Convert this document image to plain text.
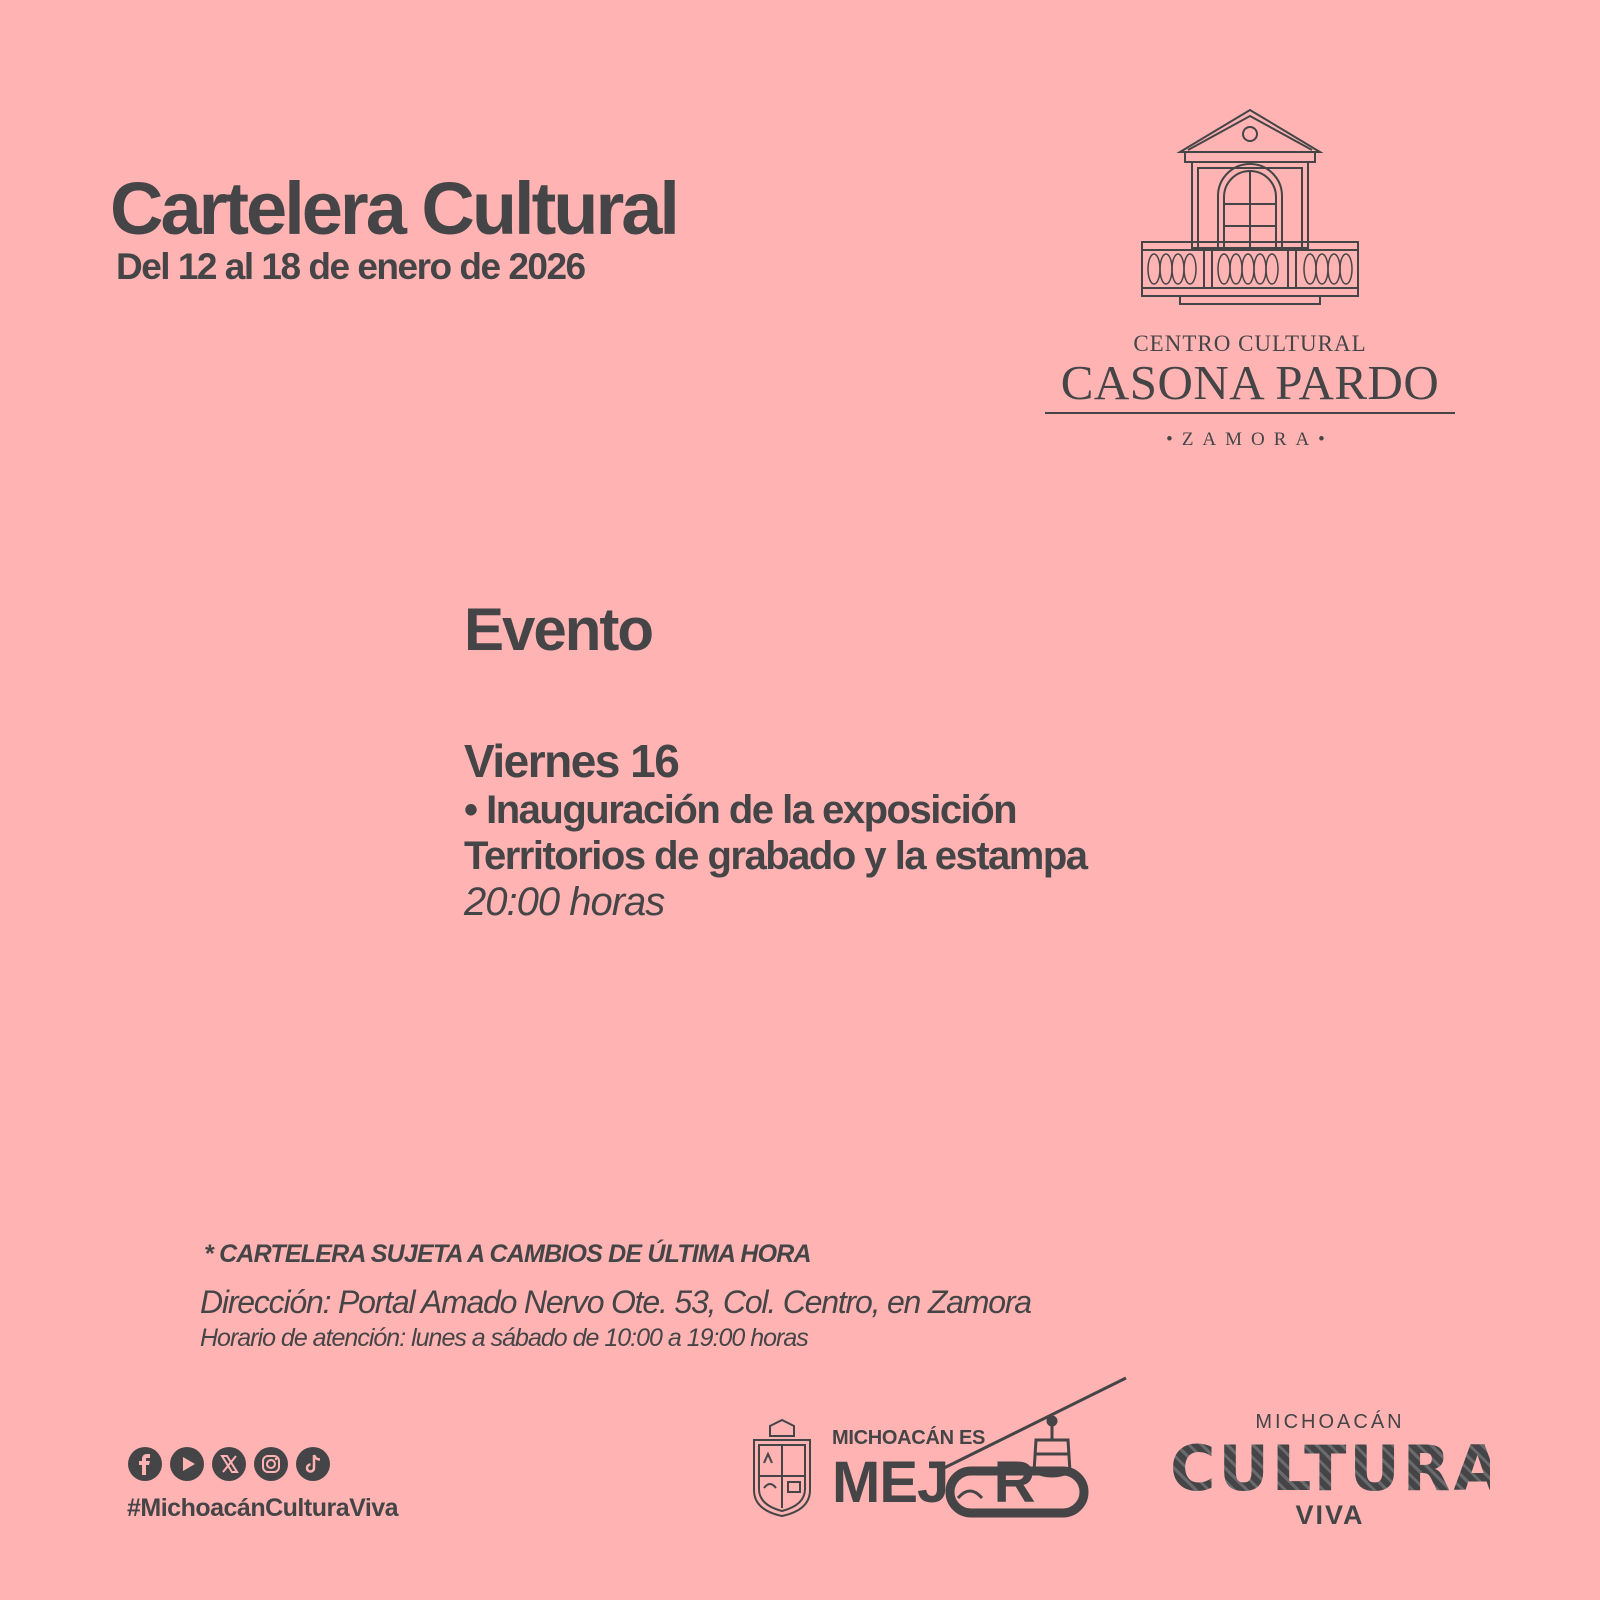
Cartelera Cultural

Del 12 al 18 de enero de 2026

CENTRO CULTURAL
CASONA PARDO
•ZAMORA•
Evento

Viernes 16

• Inauguración de la exposición

Territorios de grabado y la estampa

20:00 horas

* CARTELERA SUJETA A CAMBIOS DE ÚLTIMA HORA
Dirección: Portal Amado Nervo Ote. 53, Col. Centro, en Zamora
Horario de atención: lunes a sábado de 10:00 a 19:00 horas
#MichoacánCulturaViva
MICHOACÁN ES
MEJ   R
MICHOACÁN
CULTURA
VIVA
